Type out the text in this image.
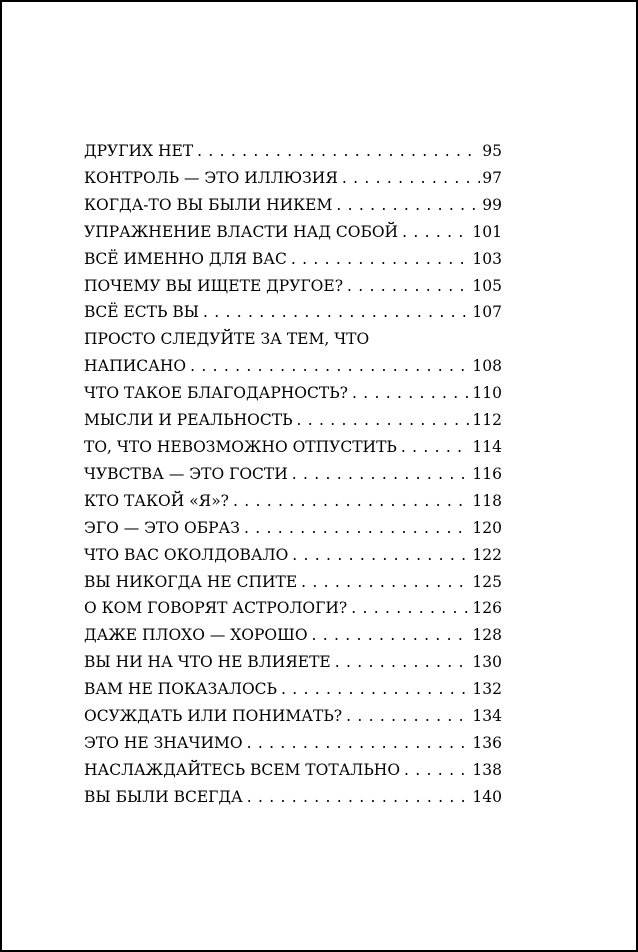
ДРУГИХ НЕТ . . .	95
КОНТРОЛЬ — ЭТО ИЛЛЮЗИЯ . . .	97
КОГДА-ТО ВЫ БЫЛИ НИКЕМ . . .	99
УПРАЖНЕНИЕ ВЛАСТИ НАД СОБОЙ . . .	101
ВСЁ ИМЕННО ДЛЯ ВАС . . .	103
ПОЧЕМУ ВЫ ИЩЕТЕ ДРУГОЕ? . . .	105
ВСЁ ЕСТЬ ВЫ . . .	107
ПРОСТО СЛЕДУЙТЕ ЗА ТЕМ, ЧТО
НАПИСАНО . . .	108
ЧТО ТАКОЕ БЛАГОДАРНОСТЬ? . . .	110
МЫСЛИ И РЕАЛЬНОСТЬ . . .	112
ТО, ЧТО НЕВОЗМОЖНО ОТПУСТИТЬ . . .	114
ЧУВСТВА — ЭТО ГОСТИ . . .	116
КТО ТАКОЙ «Я»? . . .	118
ЭГО — ЭТО ОБРАЗ . . .	120
ЧТО ВАС ОКОЛДОВАЛО . . .	122
ВЫ НИКОГДА НЕ СПИТЕ . . .	125
О КОМ ГОВОРЯТ АСТРОЛОГИ? . . .	126
ДАЖЕ ПЛОХО — ХОРОШО . . .	128
ВЫ НИ НА ЧТО НЕ ВЛИЯЕТЕ . . .	130
ВАМ НЕ ПОКАЗАЛОСЬ . . .	132
ОСУЖДАТЬ ИЛИ ПОНИМАТЬ? . . .	134
ЭТО НЕ ЗНАЧИМО . . .	136
НАСЛАЖДАЙТЕСЬ ВСЕМ ТОТАЛЬНО . . .	138
ВЫ БЫЛИ ВСЕГДА . . .	140
